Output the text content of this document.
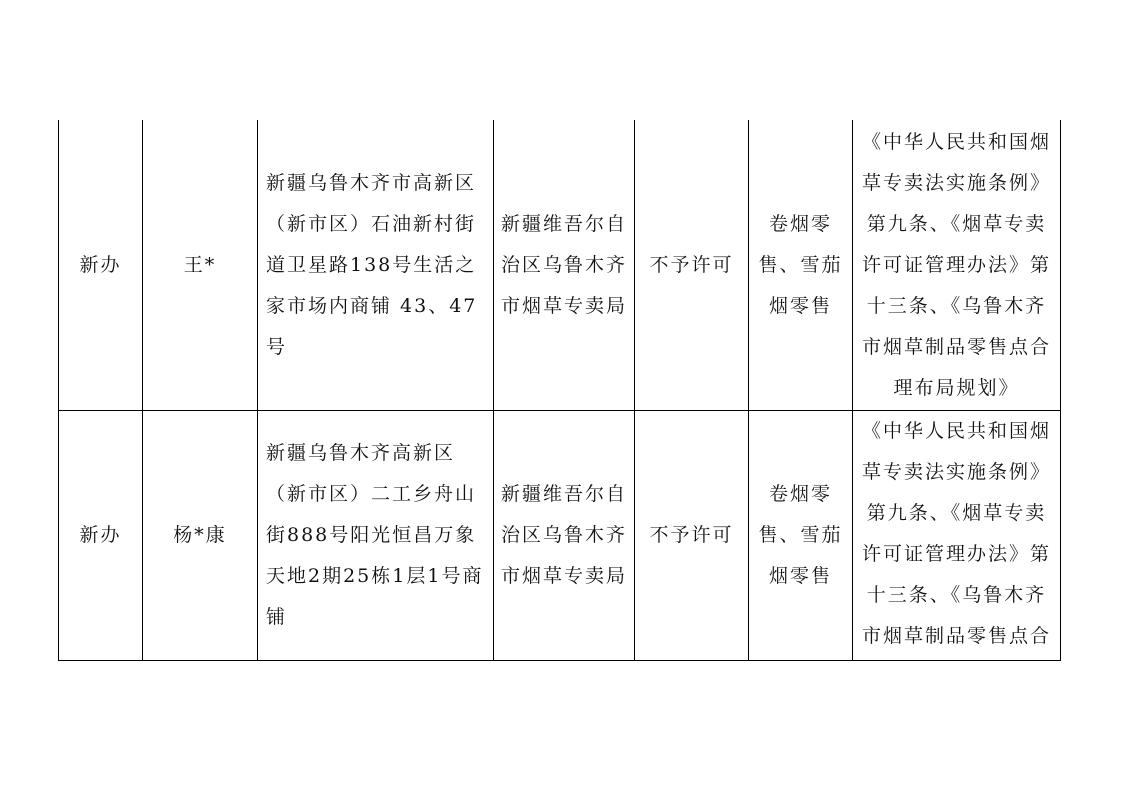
新办	王*	新疆乌鲁木齐市高新区（新市区）石油新村街道卫星路138号生活之家市场内商铺 43、47号	新疆维吾尔自治区乌鲁木齐市烟草专卖局	不予许可	卷烟零售、雪茄烟零售	《中华人民共和国烟草专卖法实施条例》第九条、《烟草专卖许可证管理办法》第十三条、《乌鲁木齐市烟草制品零售点合理布局规划》
新办	杨*康	新疆乌鲁木齐高新区（新市区）二工乡舟山街888号阳光恒昌万象天地2期25栋1层1号商铺	新疆维吾尔自治区乌鲁木齐市烟草专卖局	不予许可	卷烟零售、雪茄烟零售	《中华人民共和国烟草专卖法实施条例》第九条、《烟草专卖许可证管理办法》第十三条、《乌鲁木齐市烟草制品零售点合
